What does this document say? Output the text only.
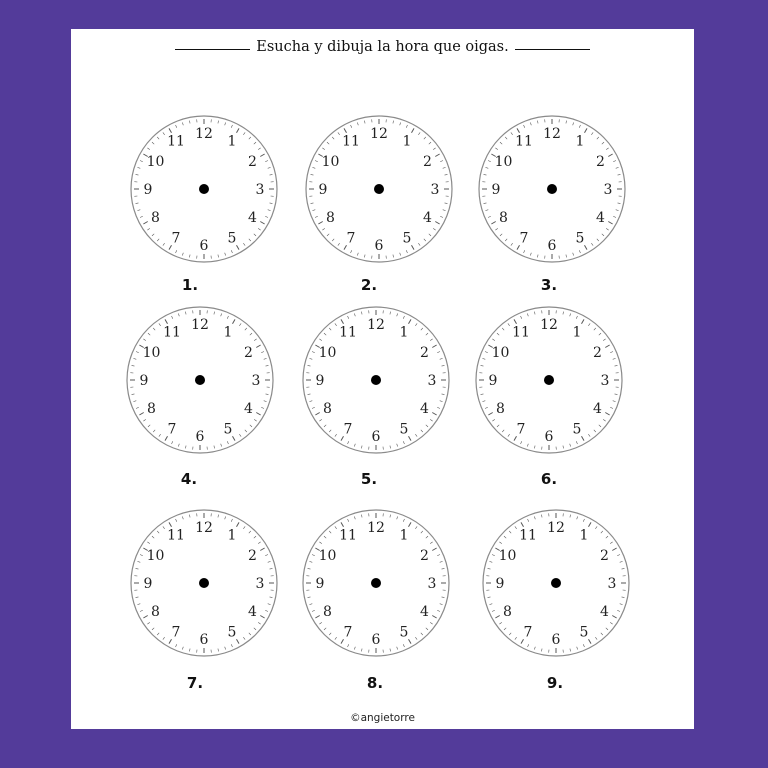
Esucha y dibuja la hora que oigas.
12 1
2
3
4
5
6
7
8
9
10
11
1.
12 1
2
3
4
5
6
7
8
9
10
11
2.
12 1
2
3
4
5
6
7
8
9
10
11
3.
12 1
2
3
4
5
6
7
8
9
10
11
4.
12 1
2
3
4
5
6
7
8
9
10
11
5.
12 1
2
3
4
5
6
7
8
9
10
11
6.
12 1
2
3
4
5
6
7
8
9
10
11
7.
12 1
2
3
4
5
6
7
8
9
10
11
8.
12 1
2
3
4
5
6
7
8
9
10
11
9.
©angietorre
